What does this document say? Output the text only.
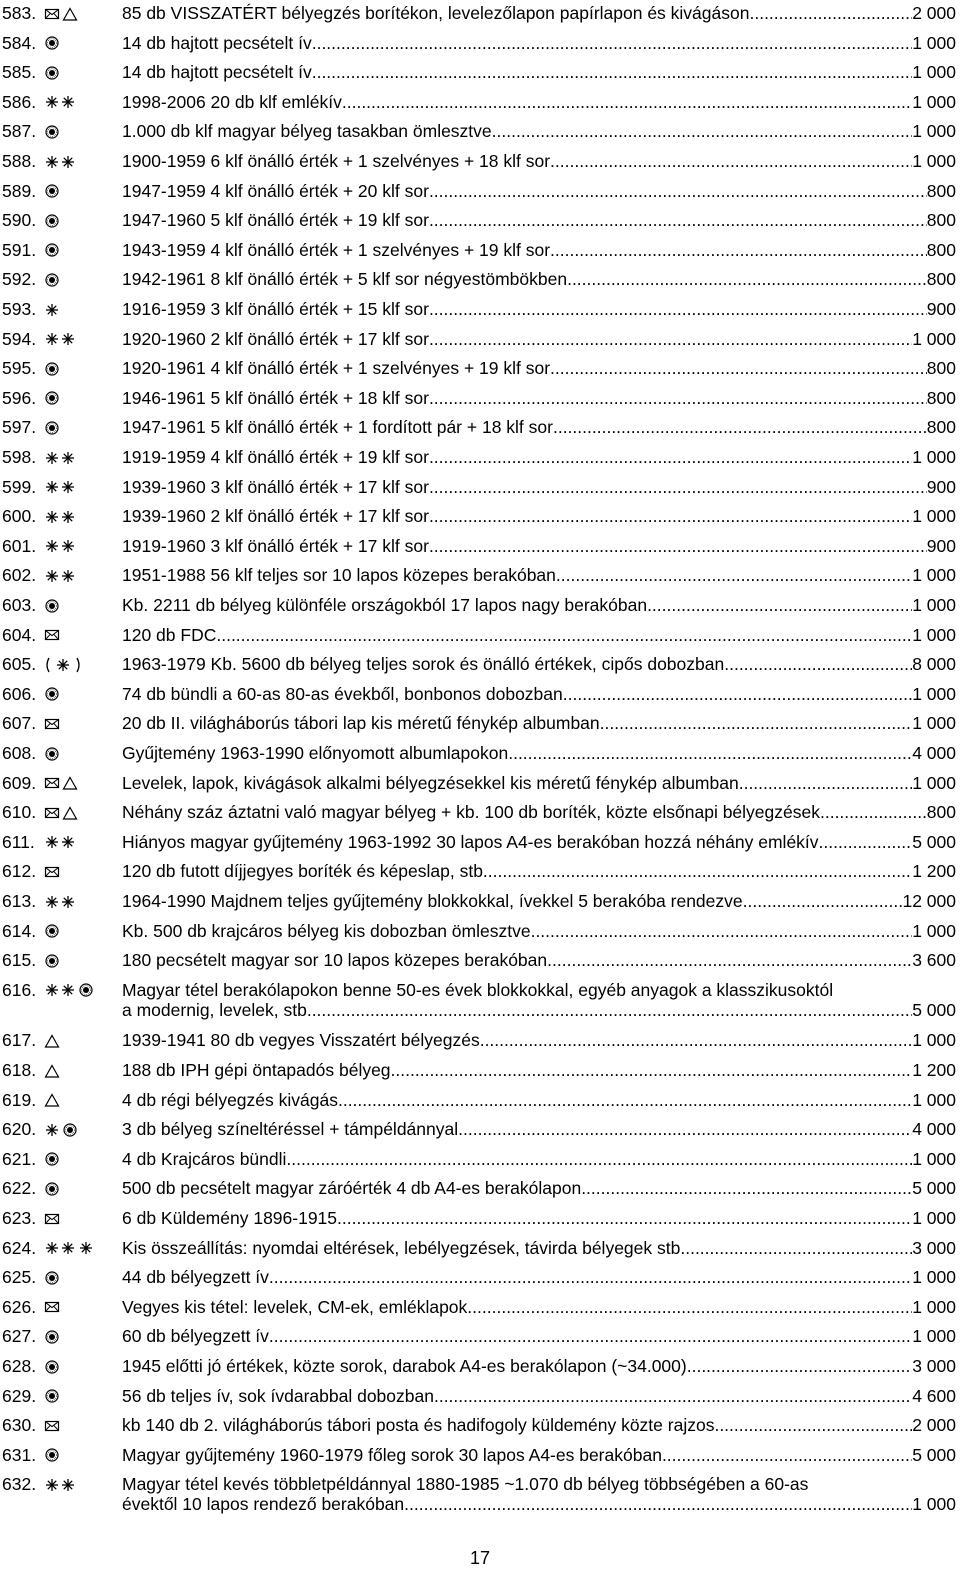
583.	85 db VISSZATÉRT bélyegzés borítékon, levelezőlapon papírlapon és kivágáson .....	2 000
584.	14 db hajtott pecsételt ív .....	1 000
585.	14 db hajtott pecsételt ív .....	1 000
586.	1998-2006 20 db klf emlékív .....	1 000
587.	1.000 db klf magyar bélyeg tasakban ömlesztve .....	1 000
588.	1900-1959 6 klf önálló érték + 1 szelvényes + 18 klf sor .....	1 000
589.	1947-1959 4 klf önálló érték + 20 klf sor .....	800
590.	1947-1960 5 klf önálló érték + 19 klf sor .....	800
591.	1943-1959 4 klf önálló érték + 1 szelvényes + 19 klf sor .....	800
592.	1942-1961 8 klf önálló érték + 5 klf sor négyestömbökben .....	800
593.	1916-1959 3 klf önálló érték + 15 klf sor .....	900
594.	1920-1960 2 klf önálló érték + 17 klf sor .....	1 000
595.	1920-1961 4 klf önálló érték + 1 szelvényes + 19 klf sor .....	800
596.	1946-1961 5 klf önálló érték + 18 klf sor .....	800
597.	1947-1961 5 klf önálló érték + 1 fordított pár + 18 klf sor .....	800
598.	1919-1959 4 klf önálló érték + 19 klf sor .....	1 000
599.	1939-1960 3 klf önálló érték + 17 klf sor .....	900
600.	1939-1960 2 klf önálló érték + 17 klf sor .....	1 000
601.	1919-1960 3 klf önálló érték + 17 klf sor .....	900
602.	1951-1988 56 klf teljes sor 10 lapos közepes berakóban .....	1 000
603.	Kb. 2211 db bélyeg különféle országokból 17 lapos nagy berakóban .....	1 000
604.	120 db FDC .....	1 000
605.	1963-1979 Kb. 5600 db bélyeg teljes sorok és önálló értékek, cipős dobozban .....	8 000
606.	74 db bündli a 60-as 80-as évekből, bonbonos dobozban .....	1 000
607.	20 db II. világháborús tábori lap kis méretű fénykép albumban .....	1 000
608.	Gyűjtemény 1963-1990 előnyomott albumlapokon .....	4 000
609.	Levelek, lapok, kivágások alkalmi bélyegzésekkel kis méretű fénykép albumban .....	1 000
610.	Néhány száz áztatni való magyar bélyeg + kb. 100 db boríték, közte elsőnapi bélyegzések .....	800
611.	Hiányos magyar gyűjtemény 1963-1992 30 lapos A4-es berakóban hozzá néhány emlékív .....	5 000
612.	120 db futott díjjegyes boríték és képeslap, stb. .....	1 200
613.	1964-1990 Majdnem teljes gyűjtemény blokkokkal, ívekkel 5 berakóba rendezve .....	12 000
614.	Kb. 500 db krajcáros bélyeg kis dobozban ömlesztve .....	1 000
615.	180 pecsételt magyar sor 10 lapos közepes berakóban .....	3 600
616.	Magyar tétel berakólapokon benne 50-es évek blokkokkal, egyéb anyagok a klasszikusoktól
a modernig, levelek, stb .....	5 000
617.	1939-1941 80 db vegyes Visszatért bélyegzés .....	1 000
618.	188 db IPH gépi öntapadós bélyeg .....	1 200
619.	4 db régi bélyegzés kivágás .....	1 000
620.	3 db bélyeg színeltéréssel + támpéldánnyal .....	4 000
621.	4 db Krajcáros bündli .....	1 000
622.	500 db pecsételt magyar záróérték 4 db A4-es berakólapon .....	5 000
623.	6 db Küldemény 1896-1915 .....	1 000
624.	Kis összeállítás: nyomdai eltérések, lebélyegzések, távirda bélyegek stb. .....	3 000
625.	44 db bélyegzett ív .....	1 000
626.	Vegyes kis tétel: levelek, CM-ek, emléklapok .....	1 000
627.	60 db bélyegzett ív .....	1 000
628.	1945 előtti jó értékek, közte sorok, darabok A4-es berakólapon (~34.000) .....	3 000
629.	56 db teljes ív, sok ívdarabbal dobozban .....	4 600
630.	kb 140 db 2. világháborús tábori posta és hadifogoly küldemény közte rajzos .....	2 000
631.	Magyar gyűjtemény 1960-1979 főleg sorok 30 lapos A4-es berakóban .....	5 000
632.	Magyar tétel kevés többletpéldánnyal 1880-1985 ~1.070 db bélyeg többségében a 60-as
évektől 10 lapos rendező berakóban .....	1 000
17
